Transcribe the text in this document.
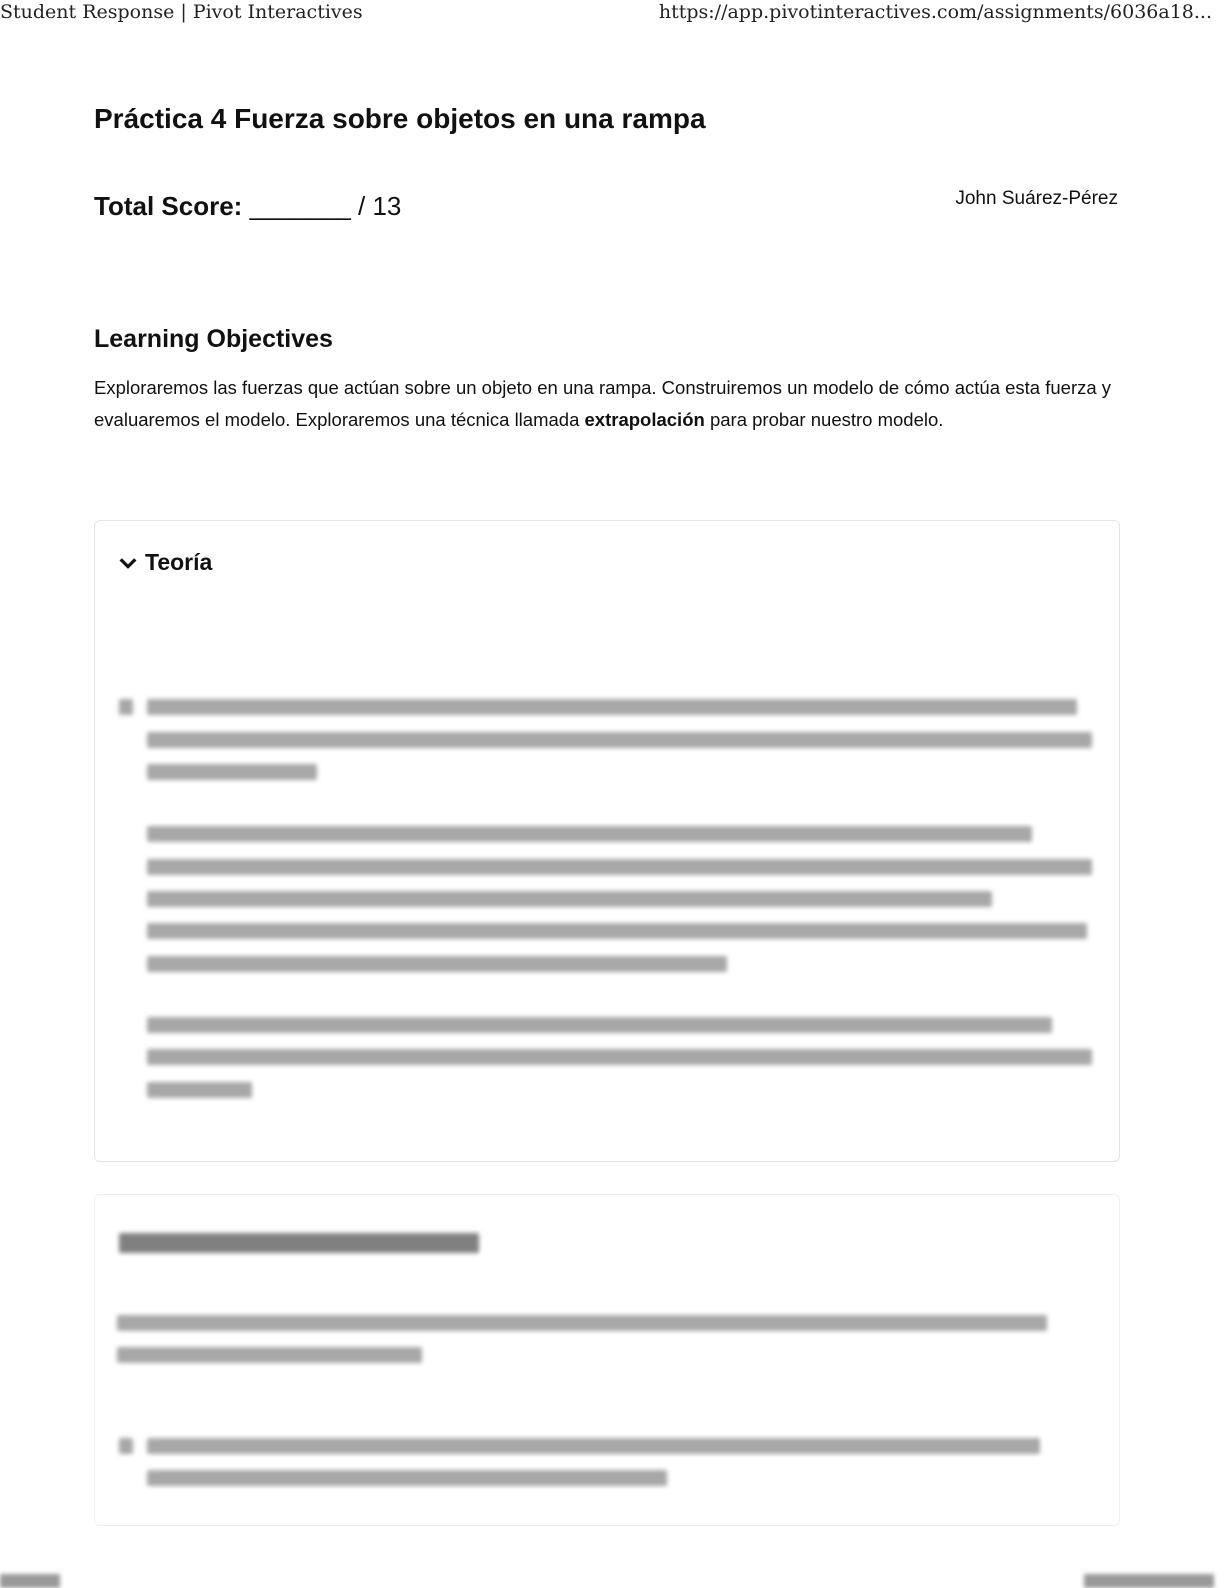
Student Response | Pivot Interactives	https://app.pivotinteractives.com/assignments/6036a18...
Práctica 4 Fuerza sobre objetos en una rampa
Total Score: _______ / 13	John Suárez-Pérez
Learning Objectives
Exploraremos las fuerzas que actúan sobre un objeto en una rampa. Construiremos un modelo de cómo actúa esta fuerza y evaluaremos el modelo. Exploraremos una técnica llamada extrapolación para probar nuestro modelo.
Teoría
